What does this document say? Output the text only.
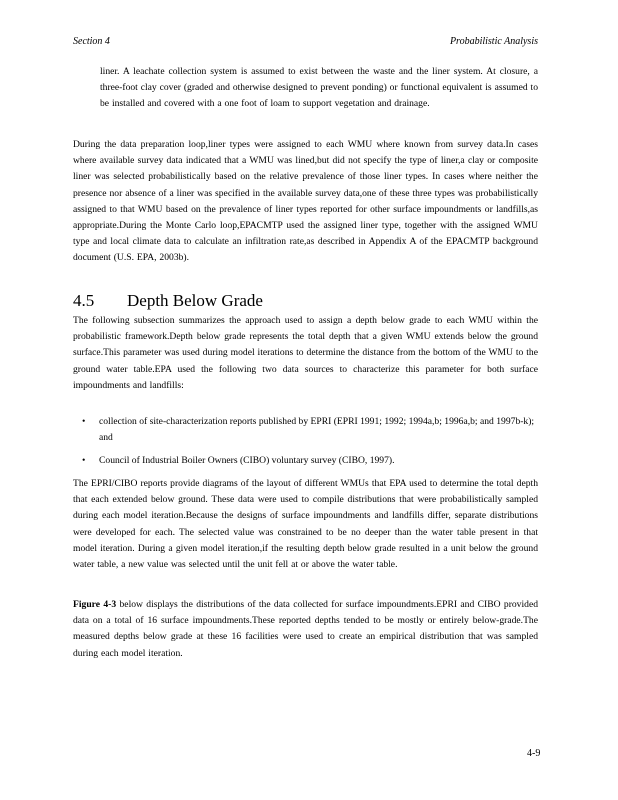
Section 4	Probabilistic Analysis
liner. A leachate collection system is assumed to exist between the waste and the liner system. At closure, a three-foot clay cover (graded and otherwise designed to prevent ponding) or functional equivalent is assumed to be installed and covered with a one foot of loam to support vegetation and drainage.
During the data preparation loop,liner types were assigned to each WMU where known from survey data.In cases where available survey data indicated that a WMU was lined,but did not specify the type of liner,a clay or composite liner was selected probabilistically based on the relative prevalence of those liner types. In cases where neither the presence nor absence of a liner was specified in the available survey data,one of these three types was probabilistically assigned to that WMU based on the prevalence of liner types reported for other surface impoundments or landfills,as appropriate.During the Monte Carlo loop,EPACMTP used the assigned liner type, together with the assigned WMU type and local climate data to calculate an infiltration rate,as described in Appendix A of the EPACMTP background document (U.S. EPA, 2003b).
4.5 Depth Below Grade
The following subsection summarizes the approach used to assign a depth below grade to each WMU within the probabilistic framework.Depth below grade represents the total depth that a given WMU extends below the ground surface.This parameter was used during model iterations to determine the distance from the bottom of the WMU to the ground water table.EPA used the following two data sources to characterize this parameter for both surface impoundments and landfills:
•	collection of site-characterization reports published by EPRI (EPRI 1991; 1992; 1994a,b; 1996a,b; and 1997b-k); and
•	Council of Industrial Boiler Owners (CIBO) voluntary survey (CIBO, 1997).
The EPRI/CIBO reports provide diagrams of the layout of different WMUs that EPA used to determine the total depth that each extended below ground. These data were used to compile distributions that were probabilistically sampled during each model iteration.Because the designs of surface impoundments and landfills differ, separate distributions were developed for each. The selected value was constrained to be no deeper than the water table present in that model iteration. During a given model iteration,if the resulting depth below grade resulted in a unit below the ground water table, a new value was selected until the unit fell at or above the water table.
Figure 4-3 below displays the distributions of the data collected for surface impoundments.EPRI and CIBO provided data on a total of 16 surface impoundments.These reported depths tended to be mostly or entirely below-grade.The measured depths below grade at these 16 facilities were used to create an empirical distribution that was sampled during each model iteration.
4-9
